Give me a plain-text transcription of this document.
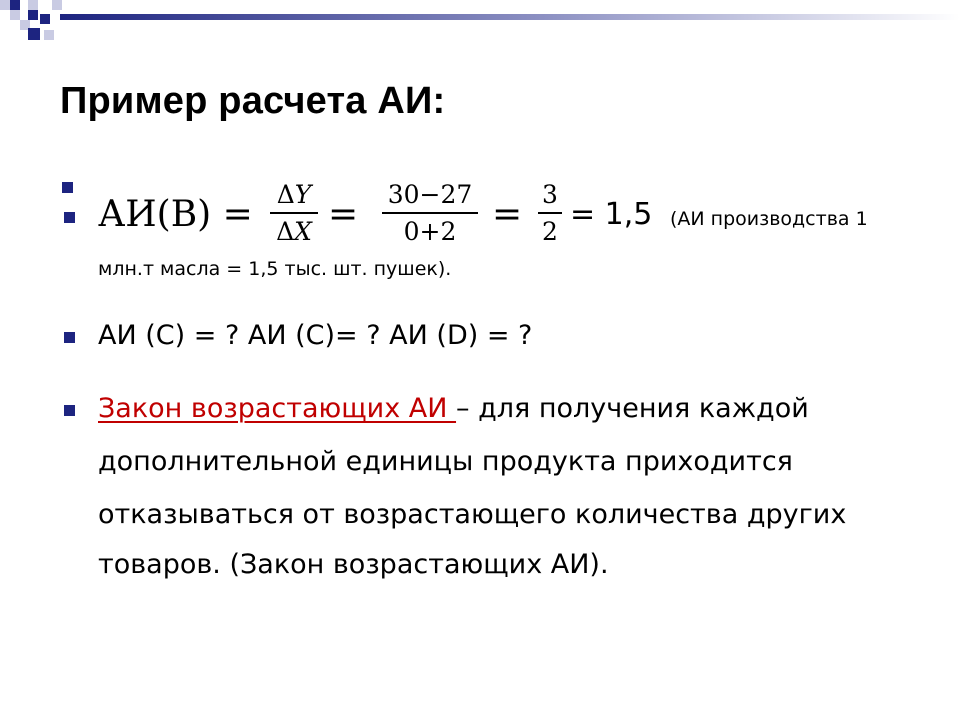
Пример расчета АИ:
АИ(B) = ΔY
ΔX = 30−27
0+2 = 3
2 = 1,5 (АИ производства 1
млн.т масла = 1,5 тыс. шт. пушек).
АИ (C) = ? АИ (C)= ? АИ (D) = ?
Закон возрастающих АИ – для получения каждой
дополнительной единицы продукта приходится
отказываться от возрастающего количества других
товаров. (Закон возрастающих АИ).
